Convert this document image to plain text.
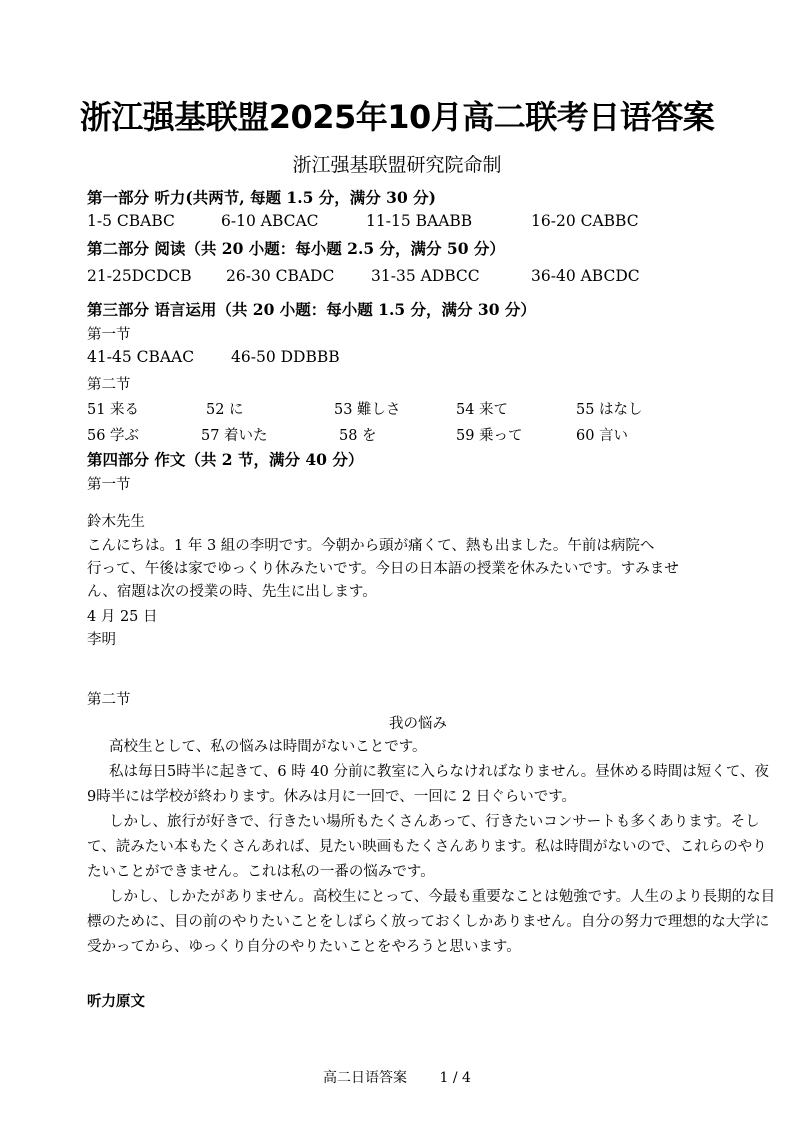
浙江强基联盟2025年10月高二联考日语答案
浙江强基联盟研究院命制
第一部分 听力(共两节, 每题 1.5 分，满分 30 分)
1-5 CBABC	6-10 ABCAC	11-15 BAABB	16-20 CABBC
第二部分 阅读（共 20 小题：每小题 2.5 分，满分 50 分）
21-25DCDCB 26-30 CBADC 31-35 ADBCC	36-40 ABCDC
第三部分 语言运用（共 20 小题：每小题 1.5 分，满分 30 分）
第一节
41-45 CBAAC 46-50 DDBBB
第二节
51 来る	52 に	53 難しさ	54 来て	55 はなし
56 学ぶ	57 着いた	58 を	59 乗って	60 言い
第四部分 作文（共 2 节，满分 40 分）
第一节
鈴木先生
こんにちは。1 年 3 組の李明です。今朝から頭が痛くて、熱も出ました。午前は病院へ
行って、午後は家でゆっくり休みたいです。今日の日本語の授業を休みたいです。すみませ
ん、宿題は次の授業の時、先生に出します。
4 月 25 日
李明
第二节
我の悩み
高校生として、私の悩みは時間がないことです。
私は毎日5時半に起きて、6 時 40 分前に教室に入らなければなりません。昼休める時間は短くて、夜9時半には学校が終わります。休みは月に一回で、一回に 2 日ぐらいです。
しかし、旅行が好きで、行きたい場所もたくさんあって、行きたいコンサートも多くあります。そして、読みたい本もたくさんあれば、見たい映画もたくさんあります。私は時間がないので、これらのやりたいことができません。これは私の一番の悩みです。
しかし、しかたがありません。高校生にとって、今最も重要なことは勉強です。人生のより長期的な目標のために、目の前のやりたいことをしばらく放っておくしかありません。自分の努力で理想的な大学に受かってから、ゆっくり自分のやりたいことをやろうと思います。
听力原文
高二日语答案 1 / 4
